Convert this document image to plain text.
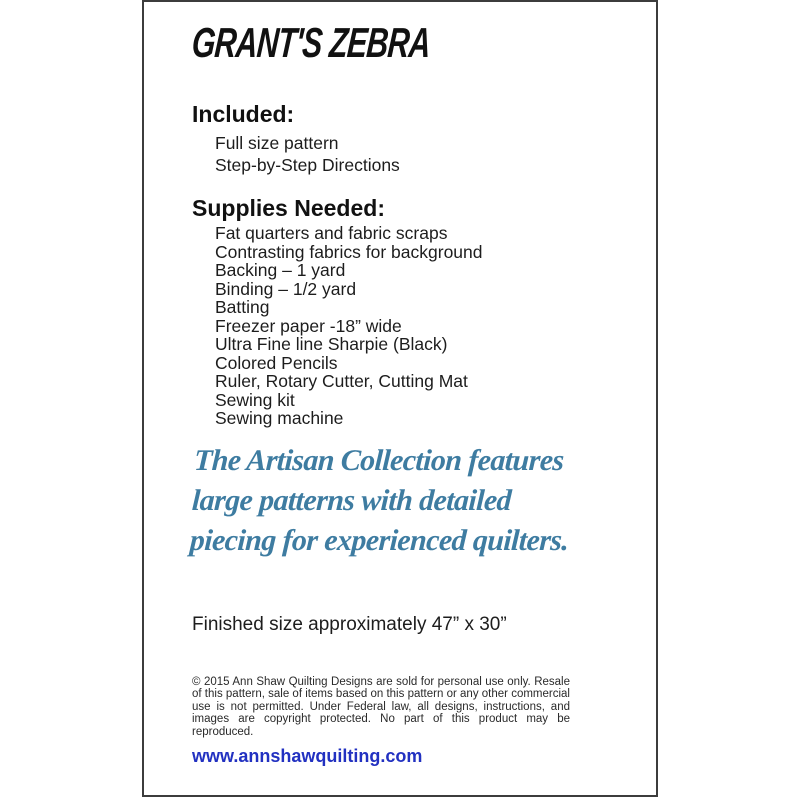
GRANT'S ZEBRA
Included:
Full size pattern
Step-by-Step Directions
Supplies Needed:
Fat quarters and fabric scraps
Contrasting fabrics for background
Backing – 1 yard
Binding – 1/2 yard
Batting
Freezer paper -18” wide
Ultra Fine line Sharpie (Black)
Colored Pencils
Ruler, Rotary Cutter, Cutting Mat
Sewing kit
Sewing machine
The Artisan Collection features
large patterns with detailed
piecing for experienced quilters.
Finished size approximately 47” x 30”

© 2015 Ann Shaw Quilting Designs are sold for personal use only. Resale of this pattern, sale of items based on this pattern or any other commercial use is not permitted. Under Federal law, all designs, instructions, and images are copyright protected. No part of this product may be reproduced.

www.annshawquilting.com
